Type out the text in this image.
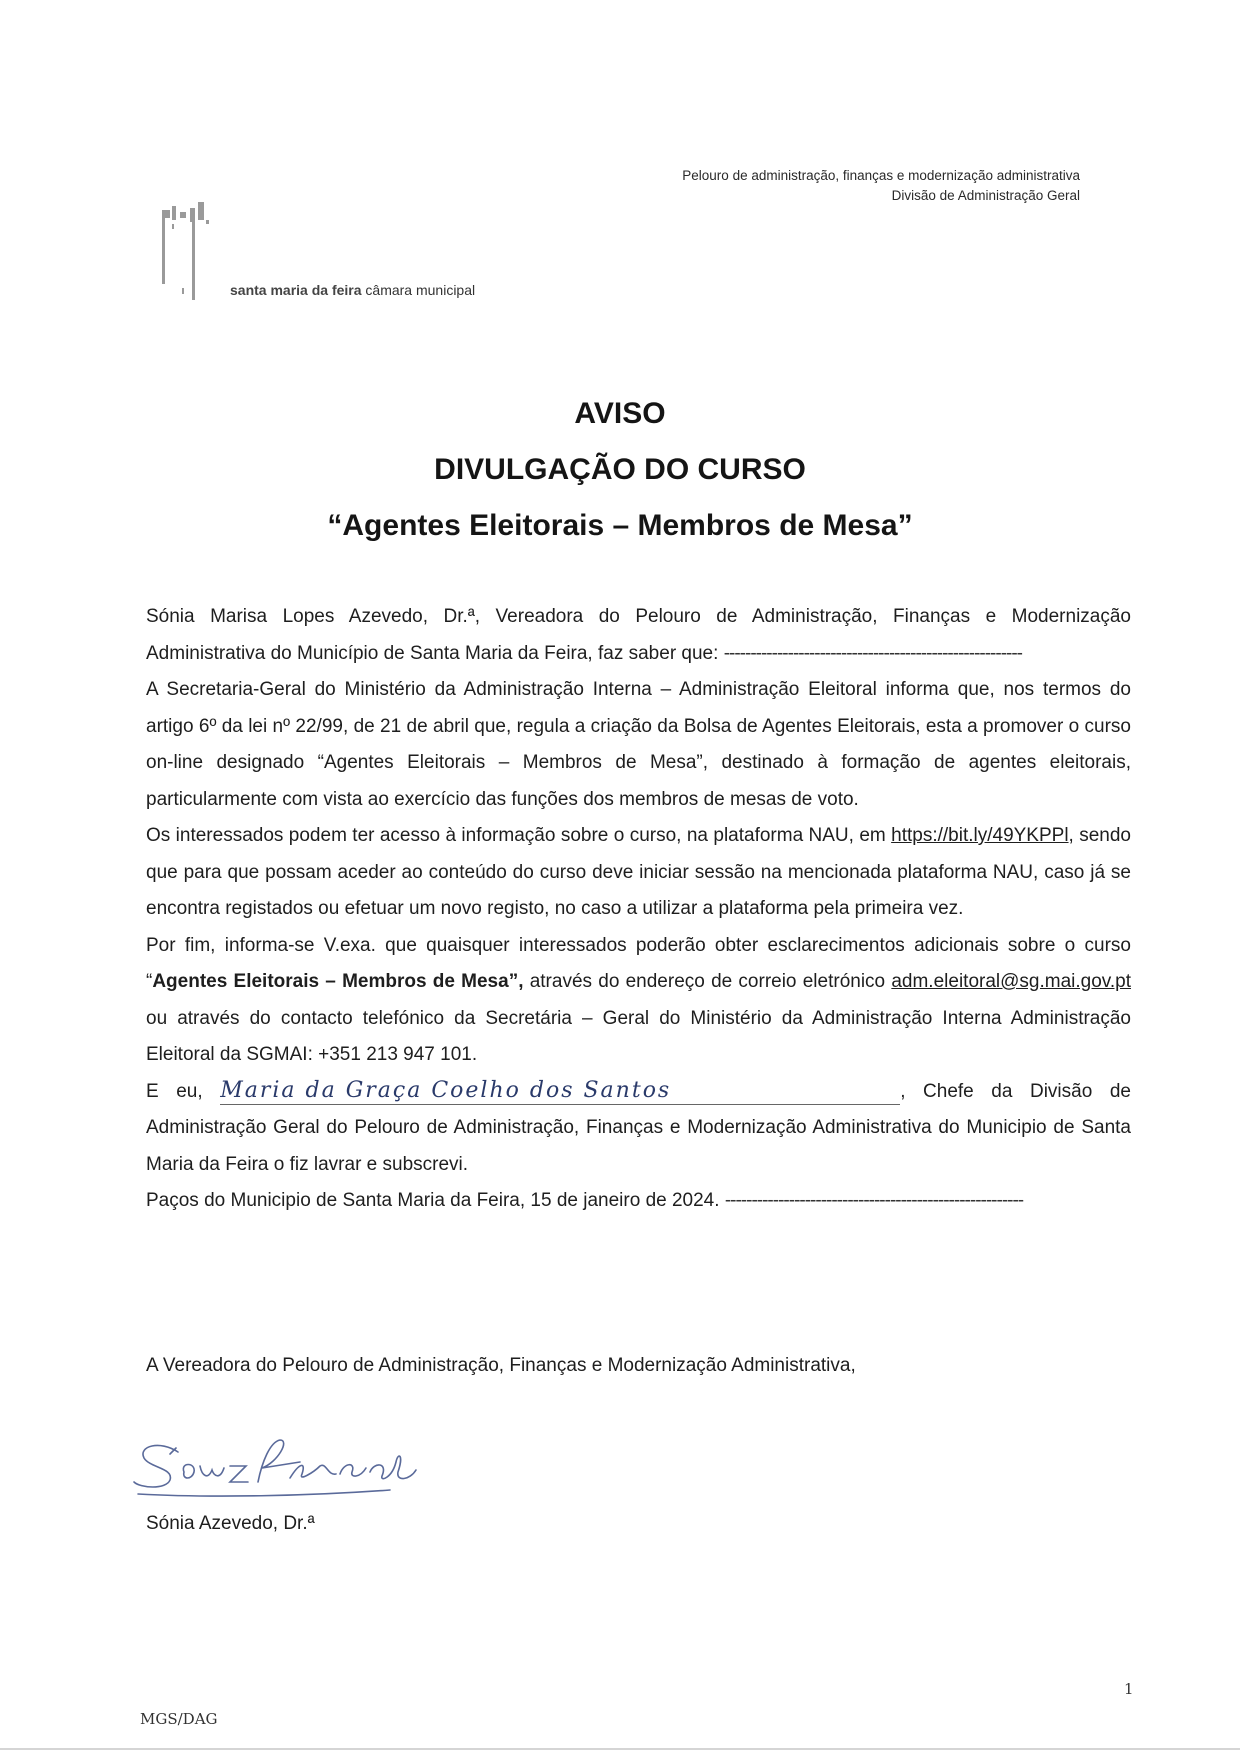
Pelouro de administração, finanças e modernização administrativa
Divisão de Administração Geral
santa maria da feira câmara municipal
AVISO
DIVULGAÇÃO DO CURSO
“Agentes Eleitorais – Membros de Mesa”

Sónia Marisa Lopes Azevedo, Dr.ª, Vereadora do Pelouro de Administração, Finanças e Modernização Administrativa do Município de Santa Maria da Feira, faz saber que: --------------------------------------------------------

A Secretaria-Geral do Ministério da Administração Interna – Administração Eleitoral informa que, nos termos do artigo 6º da lei nº 22/99, de 21 de abril que, regula a criação da Bolsa de Agentes Eleitorais, esta a promover o curso on-line designado “Agentes Eleitorais – Membros de Mesa”, destinado à formação de agentes eleitorais, particularmente com vista ao exercício das funções dos membros de mesas de voto.

Os interessados podem ter acesso à informação sobre o curso, na plataforma NAU, em https://bit.ly/49YKPPl, sendo que para que possam aceder ao conteúdo do curso deve iniciar sessão na mencionada plataforma NAU, caso já se encontra registados ou efetuar um novo registo, no caso a utilizar a plataforma pela primeira vez.

Por fim, informa-se V.exa. que quaisquer interessados poderão obter esclarecimentos adicionais sobre o curso “Agentes Eleitorais – Membros de Mesa”, através do endereço de correio eletrónico adm.eleitoral@sg.mai.gov.pt ou através do contacto telefónico da Secretária – Geral do Ministério da Administração Interna Administração Eleitoral da SGMAI: +351 213 947 101.

E eu, Maria da Graça Coelho dos Santos	, Chefe da Divisão de Administração Geral do Pelouro de Administração, Finanças e Modernização Administrativa do Municipio de Santa Maria da Feira o fiz lavrar e subscrevi.

Paços do Municipio de Santa Maria da Feira, 15 de janeiro de 2024. --------------------------------------------------------

A Vereadora do Pelouro de Administração, Finanças e Modernização Administrativa,
Sónia Azevedo, Dr.ª
1
MGS/DAG
